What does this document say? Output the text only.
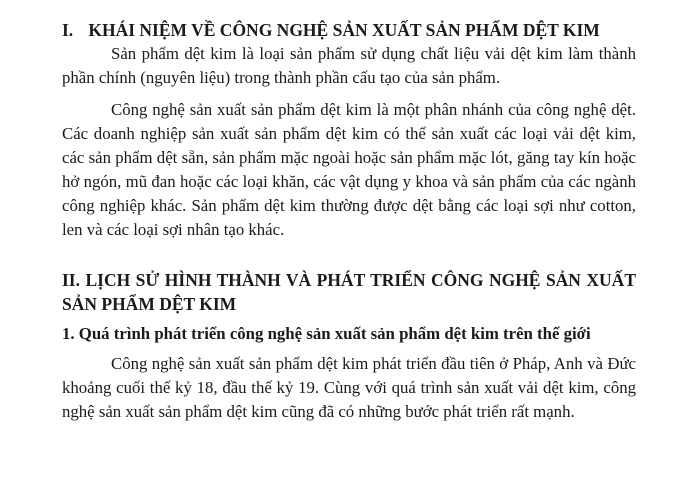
I. KHÁI NIỆM VỀ CÔNG NGHỆ SẢN XUẤT SẢN PHẨM DỆT KIM

Sản phẩm dệt kim là loại sản phẩm sử dụng chất liệu vải dệt kim làm thành phần chính (nguyên liệu) trong thành phần cấu tạo của sản phẩm.

Công nghệ sản xuất sản phẩm dệt kim là một phân nhánh của công nghệ dệt. Các doanh nghiệp sản xuất sản phẩm dệt kim có thể sản xuất các loại vải dệt kim, các sản phẩm dệt sẵn, sản phẩm mặc ngoài hoặc sản phẩm mặc lót, găng tay kín hoặc hở ngón, mũ đan hoặc các loại khăn, các vật dụng y khoa và sản phẩm của các ngành công nghiệp khác. Sản phẩm dệt kim thường được dệt bằng các loại sợi như cotton, len và các loại sợi nhân tạo khác.

II. LỊCH SỬ HÌNH THÀNH VÀ PHÁT TRIỂN CÔNG NGHỆ SẢN XUẤT SẢN PHẨM DỆT KIM
1. Quá trình phát triển công nghệ sản xuất sản phẩm dệt kim trên thế giới

Công nghệ sản xuất sản phẩm dệt kim phát triển đầu tiên ở Pháp, Anh và Đức khoảng cuối thế kỷ 18, đầu thế kỷ 19. Cùng với quá trình sản xuất vải dệt kim, công nghệ sản xuất sản phẩm dệt kim cũng đã có những bước phát triển rất mạnh.
